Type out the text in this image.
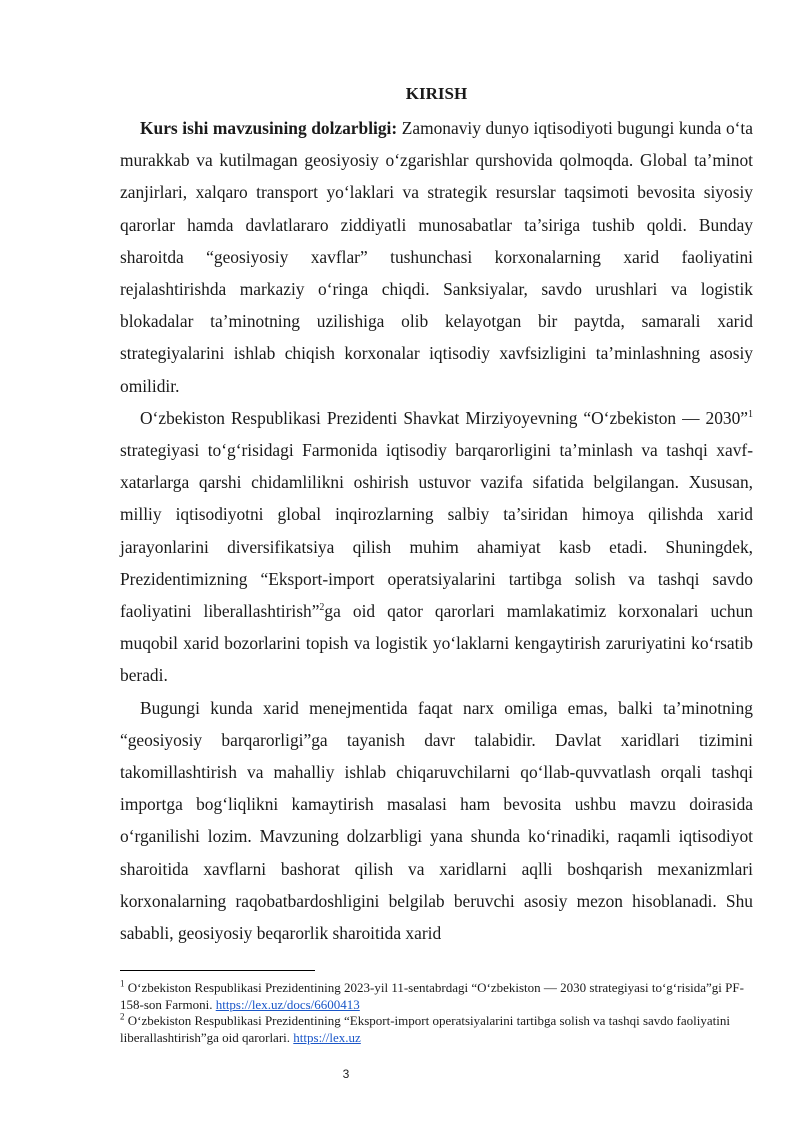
KIRISH

Kurs ishi mavzusining dolzarbligi: Zamonaviy dunyo iqtisodiyoti bugungi kunda o‘ta murakkab va kutilmagan geosiyosiy o‘zgarishlar qurshovida qolmoqda. Global ta’minot zanjirlari, xalqaro transport yo‘laklari va strategik resurslar taqsimoti bevosita siyosiy qarorlar hamda davlatlararo ziddiyatli munosabatlar ta’siriga tushib qoldi. Bunday sharoitda “geosiyosiy xavflar” tushunchasi korxonalarning xarid faoliyatini rejalashtirishda markaziy o‘ringa chiqdi. Sanksiyalar, savdo urushlari va logistik blokadalar ta’minotning uzilishiga olib kelayotgan bir paytda, samarali xarid strategiyalarini ishlab chiqish korxonalar iqtisodiy xavfsizligini ta’minlashning asosiy omilidir.

O‘zbekiston Respublikasi Prezidenti Shavkat Mirziyoyevning “O‘zbekiston — 2030”$^1$ strategiyasi to‘g‘risidagi Farmonida iqtisodiy barqarorligini ta’minlash va tashqi xavf-xatarlarga qarshi chidamlilikni oshirish ustuvor vazifa sifatida belgilangan. Xususan, milliy iqtisodiyotni global inqirozlarning salbiy ta’siridan himoya qilishda xarid jarayonlarini diversifikatsiya qilish muhim ahamiyat kasb etadi. Shuningdek, Prezidentimizning “Eksport-import operatsiyalarini tartibga solish va tashqi savdo faoliyatini liberallashtirish”$^2$ga oid qator qarorlari mamlakatimiz korxonalari uchun muqobil xarid bozorlarini topish va logistik yo‘laklarni kengaytirish zaruriyatini ko‘rsatib beradi.

Bugungi kunda xarid menejmentida faqat narx omiliga emas, balki ta’minotning “geosiyosiy barqarorligi”ga tayanish davr talabidir. Davlat xaridlari tizimini takomillashtirish va mahalliy ishlab chiqaruvchilarni qo‘llab-quvvatlash orqali tashqi importga bog‘liqlikni kamaytirish masalasi ham bevosita ushbu mavzu doirasida o‘rganilishi lozim. Mavzuning dolzarbligi yana shunda ko‘rinadiki, raqamli iqtisodiyot sharoitida xavflarni bashorat qilish va xaridlarni aqlli boshqarish mexanizmlari korxonalarning raqobatbardoshligini belgilab beruvchi asosiy mezon hisoblanadi. Shu sababli, geosiyosiy beqarorlik sharoitida xarid

$^1$ O‘zbekiston Respublikasi Prezidentining 2023-yil 11-sentabrdagi “O‘zbekiston — 2030 strategiyasi to‘g‘risida”gi PF-158-son Farmoni. https://lex.uz/docs/6600413

$^2$ O‘zbekiston Respublikasi Prezidentining “Eksport-import operatsiyalarini tartibga solish va tashqi savdo faoliyatini liberallashtirish”ga oid qarorlari. https://lex.uz

3
